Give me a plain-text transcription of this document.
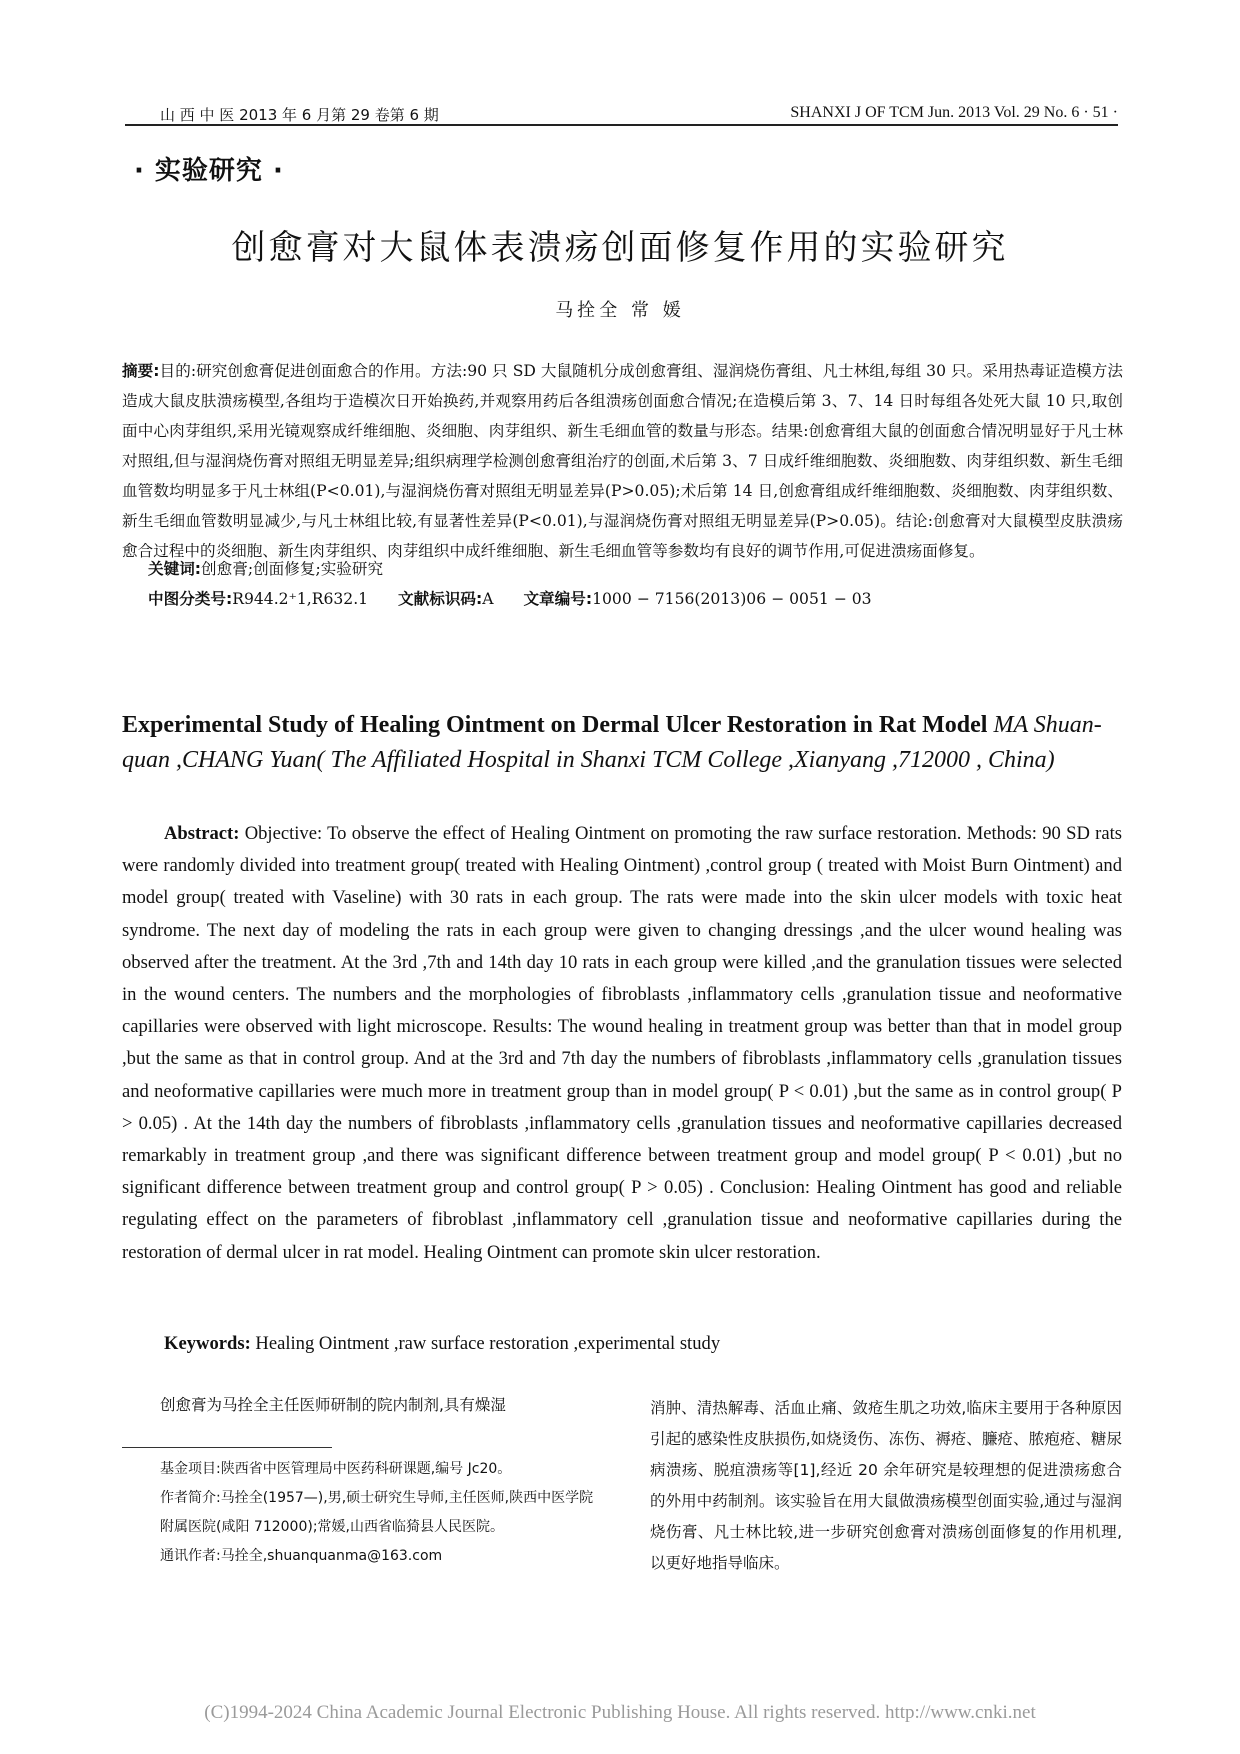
山 西 中 医 2013 年 6 月第 29 卷第 6 期	SHANXI J OF TCM Jun. 2013 Vol. 29 No. 6 · 51 ·
· 实验研究 ·
创愈膏对大鼠体表溃疡创面修复作用的实验研究
马拴全 常 媛
摘要:目的:研究创愈膏促进创面愈合的作用。方法:90 只 SD 大鼠随机分成创愈膏组、湿润烧伤膏组、凡士林组,每组 30 只。采用热毒证造模方法造成大鼠皮肤溃疡模型,各组均于造模次日开始换药,并观察用药后各组溃疡创面愈合情况;在造模后第 3、7、14 日时每组各处死大鼠 10 只,取创面中心肉芽组织,采用光镜观察成纤维细胞、炎细胞、肉芽组织、新生毛细血管的数量与形态。结果:创愈膏组大鼠的创面愈合情况明显好于凡士林对照组,但与湿润烧伤膏对照组无明显差异;组织病理学检测创愈膏组治疗的创面,术后第 3、7 日成纤维细胞数、炎细胞数、肉芽组织数、新生毛细血管数均明显多于凡士林组(P<0.01),与湿润烧伤膏对照组无明显差异(P>0.05);术后第 14 日,创愈膏组成纤维细胞数、炎细胞数、肉芽组织数、新生毛细血管数明显减少,与凡士林组比较,有显著性差异(P<0.01),与湿润烧伤膏对照组无明显差异(P>0.05)。结论:创愈膏对大鼠模型皮肤溃疡愈合过程中的炎细胞、新生肉芽组织、肉芽组织中成纤维细胞、新生毛细血管等参数均有良好的调节作用,可促进溃疡面修复。
关键词:创愈膏;创面修复;实验研究
中图分类号:R944.2⁺1,R632.1 文献标识码:A 文章编号:1000 − 7156(2013)06 − 0051 − 03
Experimental Study of Healing Ointment on Dermal Ulcer Restoration in Rat Model MA Shuan-quan ,CHANG Yuan( The Affiliated Hospital in Shanxi TCM College ,Xianyang ,712000 , China)
Abstract: Objective: To observe the effect of Healing Ointment on promoting the raw surface restoration. Methods: 90 SD rats were randomly divided into treatment group( treated with Healing Ointment) ,control group ( treated with Moist Burn Ointment) and model group( treated with Vaseline) with 30 rats in each group. The rats were made into the skin ulcer models with toxic heat syndrome. The next day of modeling the rats in each group were given to changing dressings ,and the ulcer wound healing was observed after the treatment. At the 3rd ,7th and 14th day 10 rats in each group were killed ,and the granulation tissues were selected in the wound centers. The numbers and the morphologies of fibroblasts ,inflammatory cells ,granulation tissue and neoformative capillaries were observed with light microscope. Results: The wound healing in treatment group was better than that in model group ,but the same as that in control group. And at the 3rd and 7th day the numbers of fibroblasts ,inflammatory cells ,granulation tissues and neoformative capillaries were much more in treatment group than in model group( P < 0.01) ,but the same as in control group( P > 0.05) . At the 14th day the numbers of fibroblasts ,inflammatory cells ,granulation tissues and neoformative capillaries decreased remarkably in treatment group ,and there was significant difference between treatment group and model group( P < 0.01) ,but no significant difference between treatment group and control group( P > 0.05) . Conclusion: Healing Ointment has good and reliable regulating effect on the parameters of fibroblast ,inflammatory cell ,granulation tissue and neoformative capillaries during the restoration of dermal ulcer in rat model. Healing Ointment can promote skin ulcer restoration.
Keywords: Healing Ointment ,raw surface restoration ,experimental study
创愈膏为马拴全主任医师研制的院内制剂,具有燥湿

基金项目:陕西省中医管理局中医药科研课题,编号 Jc20。

作者简介:马拴全(1957—),男,硕士研究生导师,主任医师,陕西中医学院附属医院(咸阳 712000);常媛,山西省临猗县人民医院。

通讯作者:马拴全,shuanquanma@163.com

消肿、清热解毒、活血止痛、敛疮生肌之功效,临床主要用于各种原因引起的感染性皮肤损伤,如烧烫伤、冻伤、褥疮、臁疮、脓疱疮、糖尿病溃疡、脱疽溃疡等[1],经近 20 余年研究是较理想的促进溃疡愈合的外用中药制剂。该实验旨在用大鼠做溃疡模型创面实验,通过与湿润烧伤膏、凡士林比较,进一步研究创愈膏对溃疡创面修复的作用机理,以更好地指导临床。
(C)1994-2024 China Academic Journal Electronic Publishing House. All rights reserved. http://www.cnki.net
